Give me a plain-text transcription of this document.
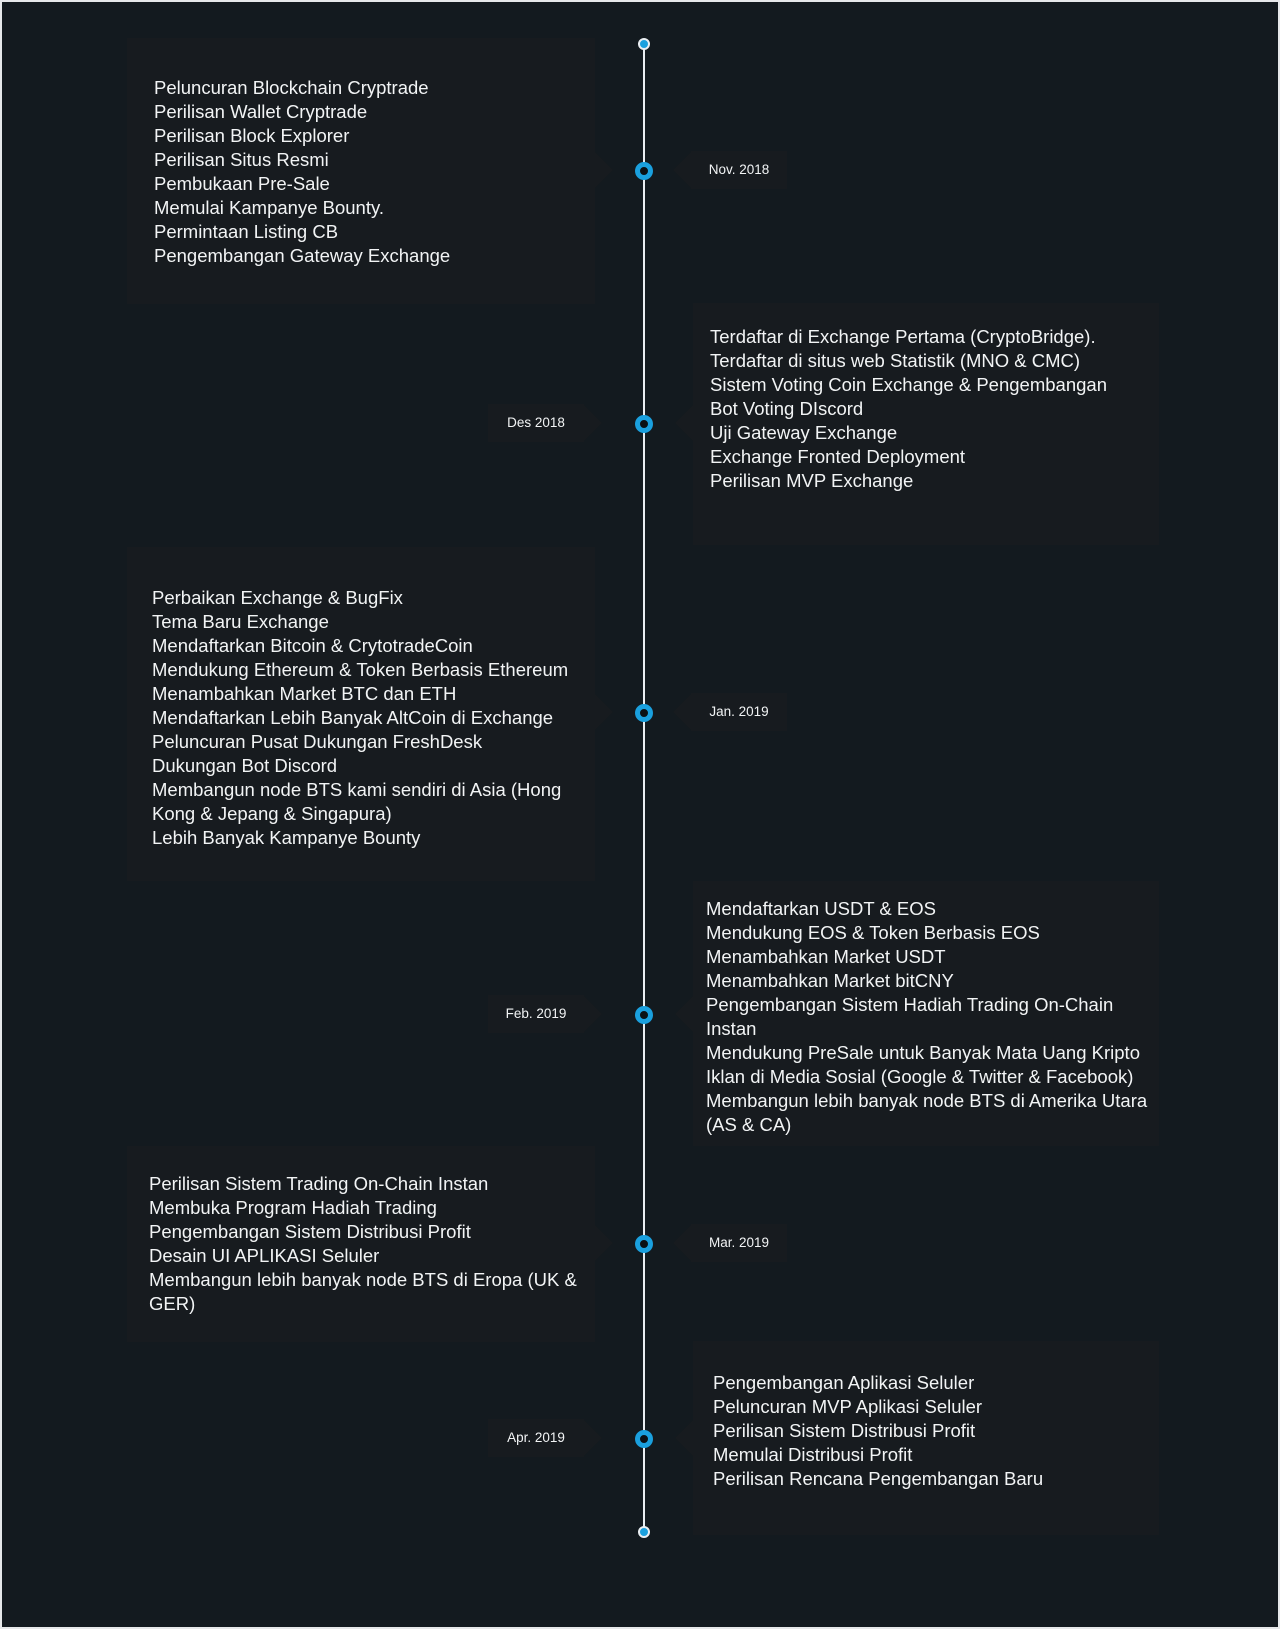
Peluncuran Blockchain Cryptrade
Perilisan Wallet Cryptrade
Perilisan Block Explorer
Perilisan Situs Resmi
Pembukaan Pre-Sale
Memulai Kampanye Bounty.
Permintaan Listing CB
Pengembangan Gateway Exchange
Nov. 2018
Des 2018
Terdaftar di Exchange Pertama (CryptoBridge).
Terdaftar di situs web Statistik (MNO & CMC)
Sistem Voting Coin Exchange & Pengembangan
Bot Voting DIscord
Uji Gateway Exchange
Exchange Fronted Deployment
Perilisan MVP Exchange
Perbaikan Exchange & BugFix
Tema Baru Exchange
Mendaftarkan Bitcoin & CrytotradeCoin
Mendukung Ethereum & Token Berbasis Ethereum
Menambahkan Market BTC dan ETH
Mendaftarkan Lebih Banyak AltCoin di Exchange
Peluncuran Pusat Dukungan FreshDesk
Dukungan Bot Discord
Membangun node BTS kami sendiri di Asia (Hong Kong & Jepang & Singapura)
Lebih Banyak Kampanye Bounty
Jan. 2019
Feb. 2019
Mendaftarkan USDT & EOS
Mendukung EOS & Token Berbasis EOS
Menambahkan Market USDT
Menambahkan Market bitCNY
Pengembangan Sistem Hadiah Trading On-Chain Instan
Mendukung PreSale untuk Banyak Mata Uang Kripto
Iklan di Media Sosial (Google & Twitter & Facebook)
Membangun lebih banyak node BTS di Amerika Utara (AS & CA)
Perilisan Sistem Trading On-Chain Instan
Membuka Program Hadiah Trading
Pengembangan Sistem Distribusi Profit
Desain UI APLIKASI Seluler
Membangun lebih banyak node BTS di Eropa (UK & GER)
Mar. 2019
Apr. 2019
Pengembangan Aplikasi Seluler
Peluncuran MVP Aplikasi Seluler
Perilisan Sistem Distribusi Profit
Memulai Distribusi Profit
Perilisan Rencana Pengembangan Baru
